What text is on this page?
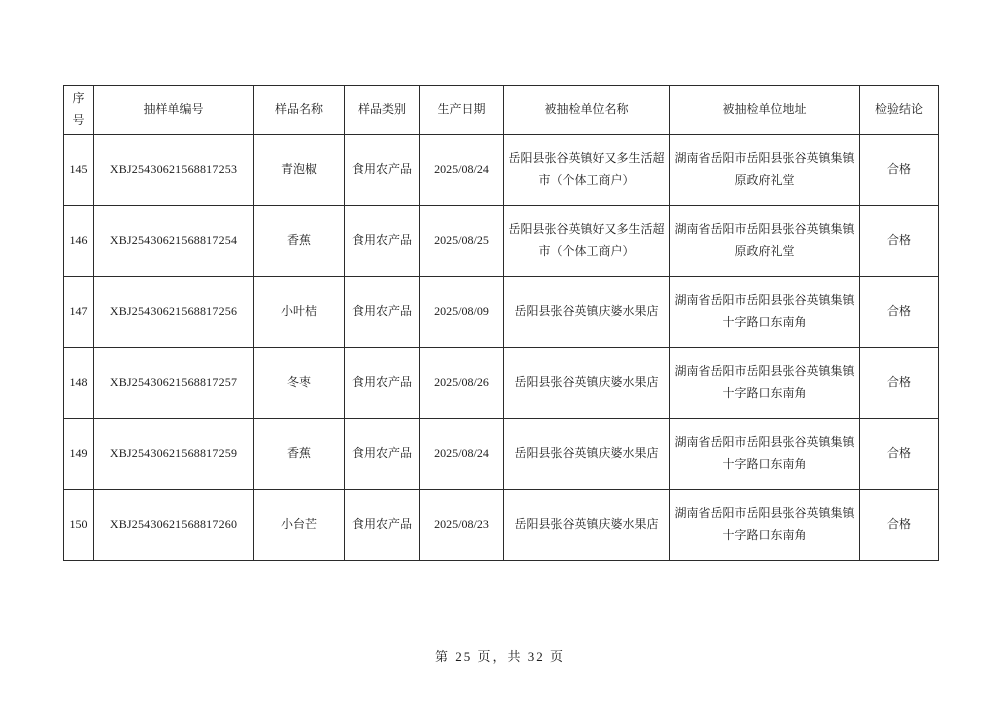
序号	抽样单编号	样品名称	样品类别	生产日期	被抽检单位名称	被抽检单位地址	检验结论
145	XBJ25430621568817253	青泡椒	食用农产品	2025/08/24	岳阳县张谷英镇好又多生活超市（个体工商户）	湖南省岳阳市岳阳县张谷英镇集镇原政府礼堂	合格
146	XBJ25430621568817254	香蕉	食用农产品	2025/08/25	岳阳县张谷英镇好又多生活超市（个体工商户）	湖南省岳阳市岳阳县张谷英镇集镇原政府礼堂	合格
147	XBJ25430621568817256	小叶桔	食用农产品	2025/08/09	岳阳县张谷英镇庆婆水果店	湖南省岳阳市岳阳县张谷英镇集镇十字路口东南角	合格
148	XBJ25430621568817257	冬枣	食用农产品	2025/08/26	岳阳县张谷英镇庆婆水果店	湖南省岳阳市岳阳县张谷英镇集镇十字路口东南角	合格
149	XBJ25430621568817259	香蕉	食用农产品	2025/08/24	岳阳县张谷英镇庆婆水果店	湖南省岳阳市岳阳县张谷英镇集镇十字路口东南角	合格
150	XBJ25430621568817260	小台芒	食用农产品	2025/08/23	岳阳县张谷英镇庆婆水果店	湖南省岳阳市岳阳县张谷英镇集镇十字路口东南角	合格
第 25 页，共 32 页
